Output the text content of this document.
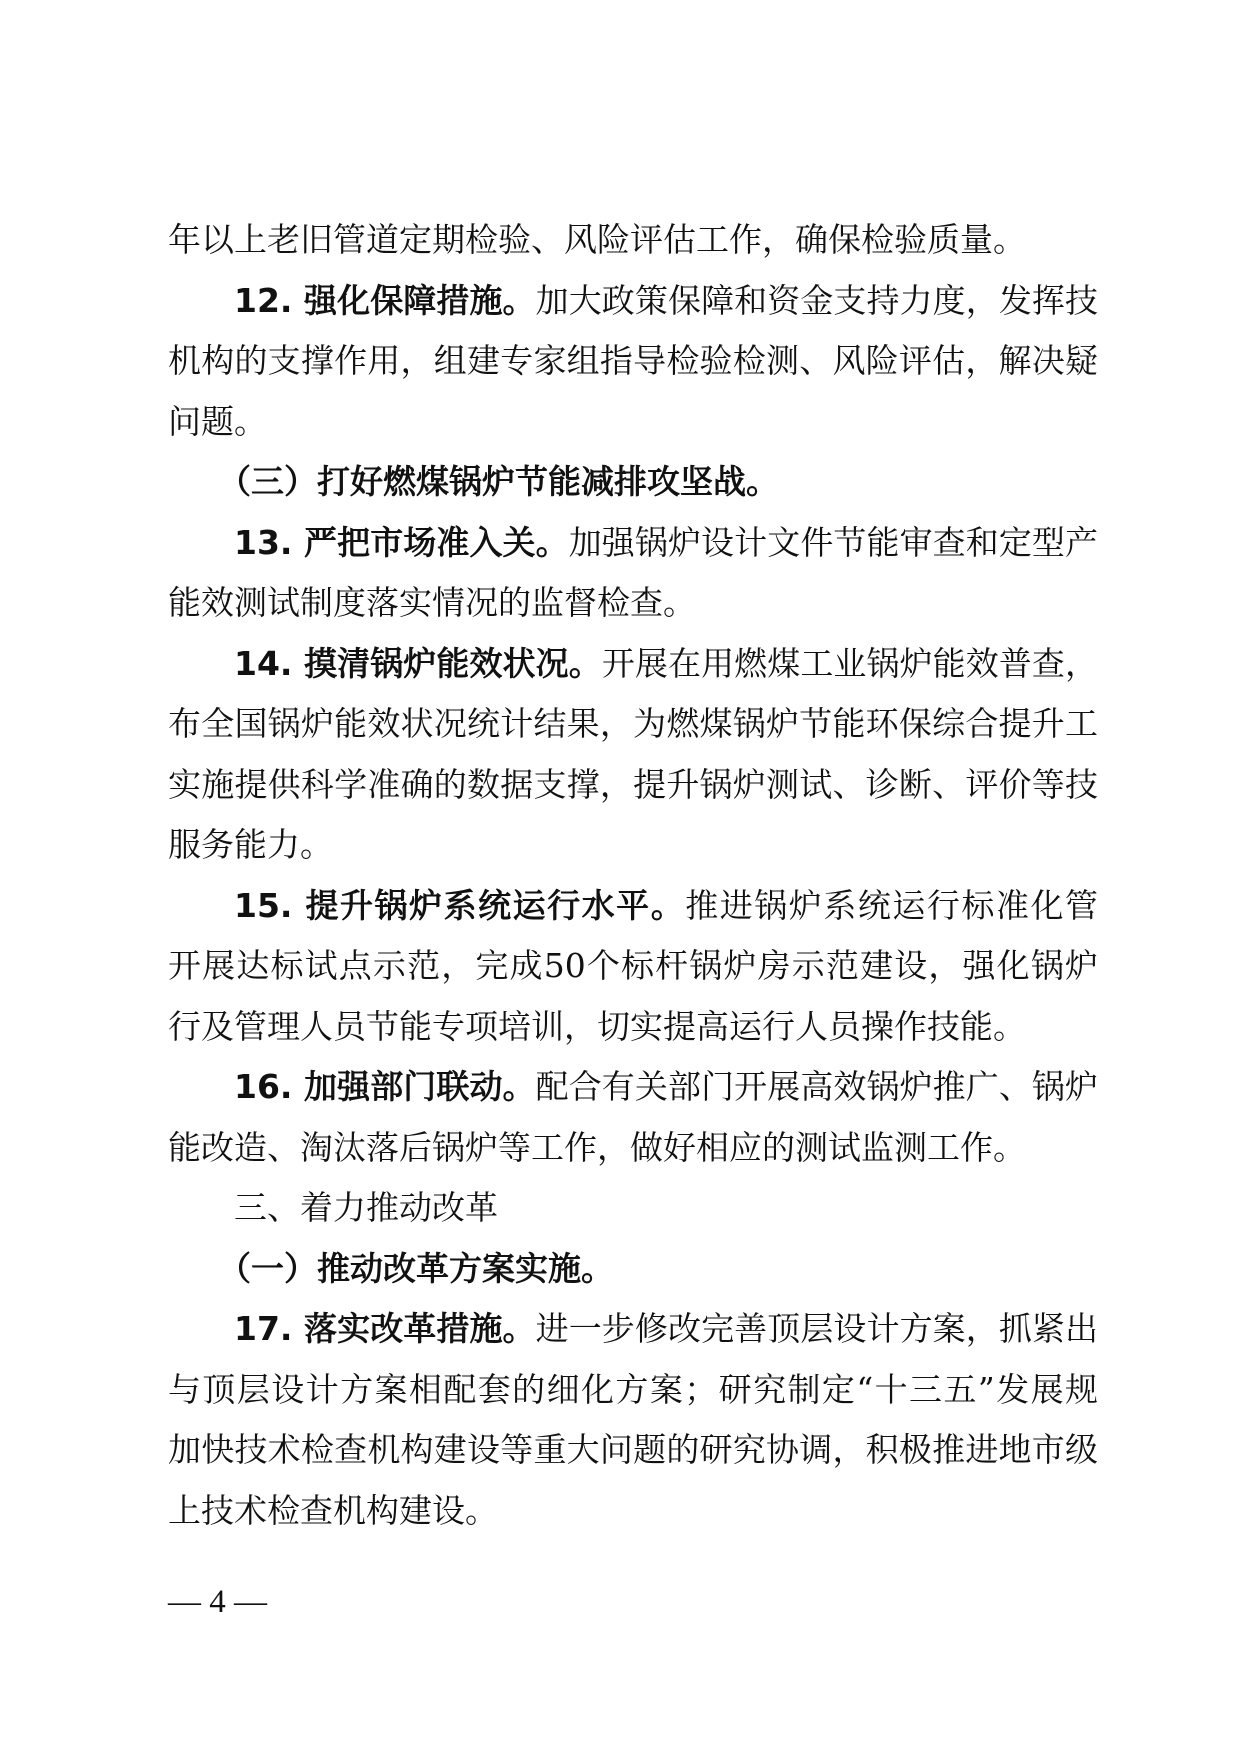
年以上老旧管道定期检验、风险评估工作，确保检验质量。
12. 强化保障措施。加大政策保障和资金支持力度，发挥技
机构的支撑作用，组建专家组指导检验检测、风险评估，解决疑
问题。
（三）打好燃煤锅炉节能减排攻坚战。
13. 严把市场准入关。加强锅炉设计文件节能审查和定型产
能效测试制度落实情况的监督检查。
14. 摸清锅炉能效状况。开展在用燃煤工业锅炉能效普查，
布全国锅炉能效状况统计结果，为燃煤锅炉节能环保综合提升工
实施提供科学准确的数据支撑，提升锅炉测试、诊断、评价等技
服务能力。
15. 提升锅炉系统运行水平。推进锅炉系统运行标准化管
开展达标试点示范，完成50个标杆锅炉房示范建设，强化锅炉
行及管理人员节能专项培训，切实提高运行人员操作技能。
16. 加强部门联动。配合有关部门开展高效锅炉推广、锅炉
能改造、淘汰落后锅炉等工作，做好相应的测试监测工作。
三、着力推动改革
（一）推动改革方案实施。
17. 落实改革措施。进一步修改完善顶层设计方案，抓紧出
与顶层设计方案相配套的细化方案；研究制定“十三五”发展规
加快技术检查机构建设等重大问题的研究协调，积极推进地市级
上技术检查机构建设。
— 4 —
